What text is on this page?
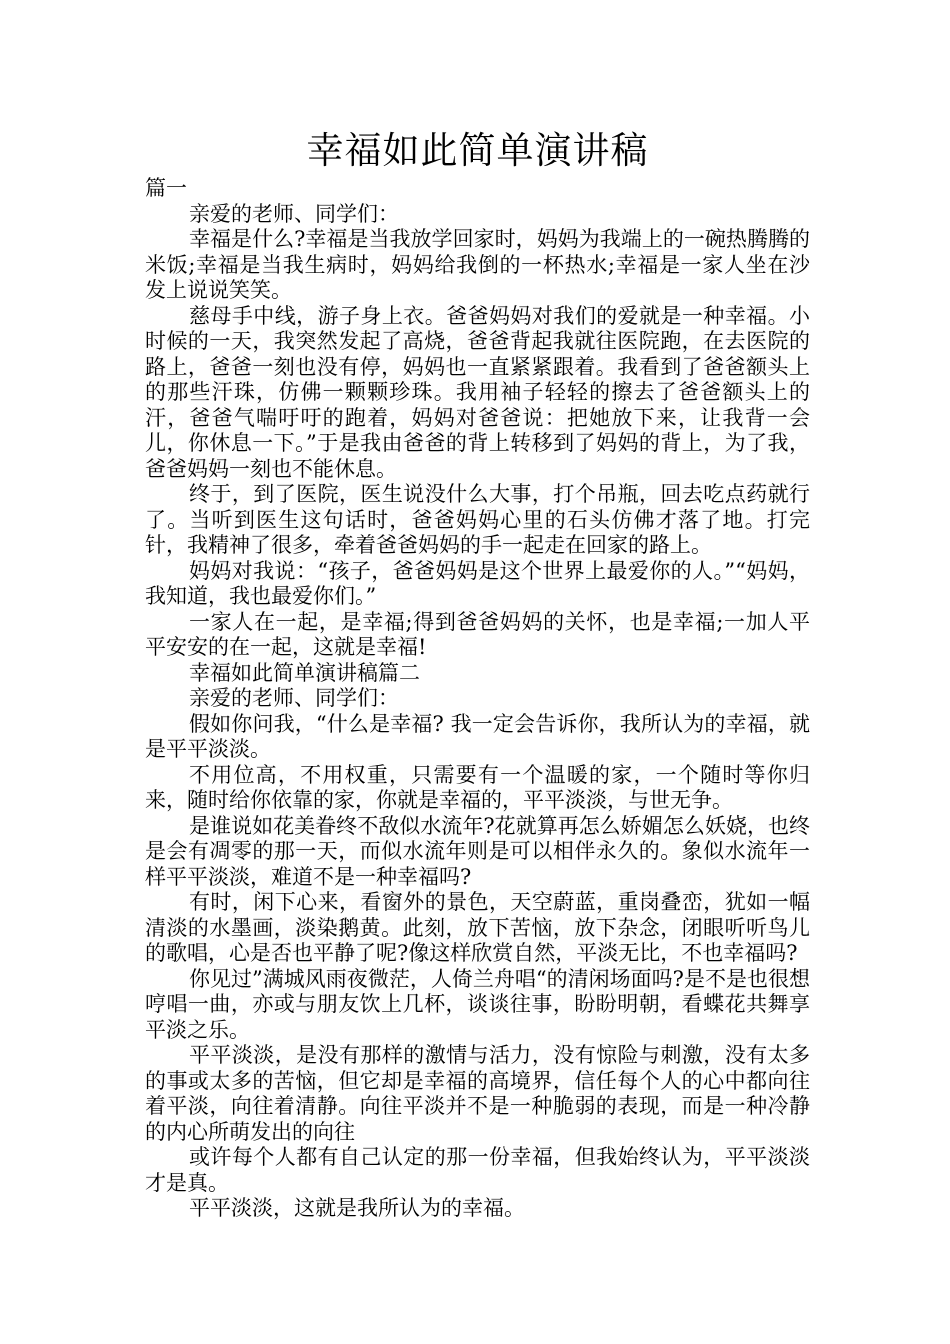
幸福如此简单演讲稿

篇一

亲爱的老师、同学们：

幸福是什么?幸福是当我放学回家时，妈妈为我端上的一碗热腾腾的米饭;幸福是当我生病时，妈妈给我倒的一杯热水;幸福是一家人坐在沙发上说说笑笑。

慈母手中线，游子身上衣。爸爸妈妈对我们的爱就是一种幸福。小时候的一天，我突然发起了高烧，爸爸背起我就往医院跑，在去医院的路上，爸爸一刻也没有停，妈妈也一直紧紧跟着。我看到了爸爸额头上的那些汗珠，仿佛一颗颗珍珠。我用袖子轻轻的擦去了爸爸额头上的汗，爸爸气喘吁吁的跑着，妈妈对爸爸说：把她放下来，让我背一会儿，你休息一下。”于是我由爸爸的背上转移到了妈妈的背上，为了我，爸爸妈妈一刻也不能休息。

终于，到了医院，医生说没什么大事，打个吊瓶，回去吃点药就行了。当听到医生这句话时，爸爸妈妈心里的石头仿佛才落了地。打完针，我精神了很多，牵着爸爸妈妈的手一起走在回家的路上。

妈妈对我说：“孩子，爸爸妈妈是这个世界上最爱你的人。”“妈妈，我知道，我也最爱你们。”

一家人在一起，是幸福;得到爸爸妈妈的关怀，也是幸福;一加人平平安安的在一起，这就是幸福!

幸福如此简单演讲稿篇二

亲爱的老师、同学们：

假如你问我，“什么是幸福? 我一定会告诉你，我所认为的幸福，就是平平淡淡。

不用位高，不用权重，只需要有一个温暖的家，一个随时等你归来，随时给你依靠的家，你就是幸福的，平平淡淡，与世无争。

是谁说如花美眷终不敌似水流年?花就算再怎么娇媚怎么妖娆，也终是会有凋零的那一天，而似水流年则是可以相伴永久的。象似水流年一样平平淡淡，难道不是一种幸福吗?

有时，闲下心来，看窗外的景色，天空蔚蓝，重岗叠峦，犹如一幅清淡的水墨画，淡染鹅黄。此刻，放下苦恼，放下杂念，闭眼听听鸟儿的歌唱，心是否也平静了呢?像这样欣赏自然，平淡无比，不也幸福吗?

你见过”满城风雨夜微茫，人倚兰舟唱“的清闲场面吗?是不是也很想哼唱一曲，亦或与朋友饮上几杯，谈谈往事，盼盼明朝，看蝶花共舞享平淡之乐。

平平淡淡，是没有那样的激情与活力，没有惊险与刺激，没有太多的事或太多的苦恼，但它却是幸福的高境界，信任每个人的心中都向往着平淡，向往着清静。向往平淡并不是一种脆弱的表现，而是一种冷静的内心所萌发出的向往

或许每个人都有自己认定的那一份幸福，但我始终认为，平平淡淡才是真。

平平淡淡，这就是我所认为的幸福。
